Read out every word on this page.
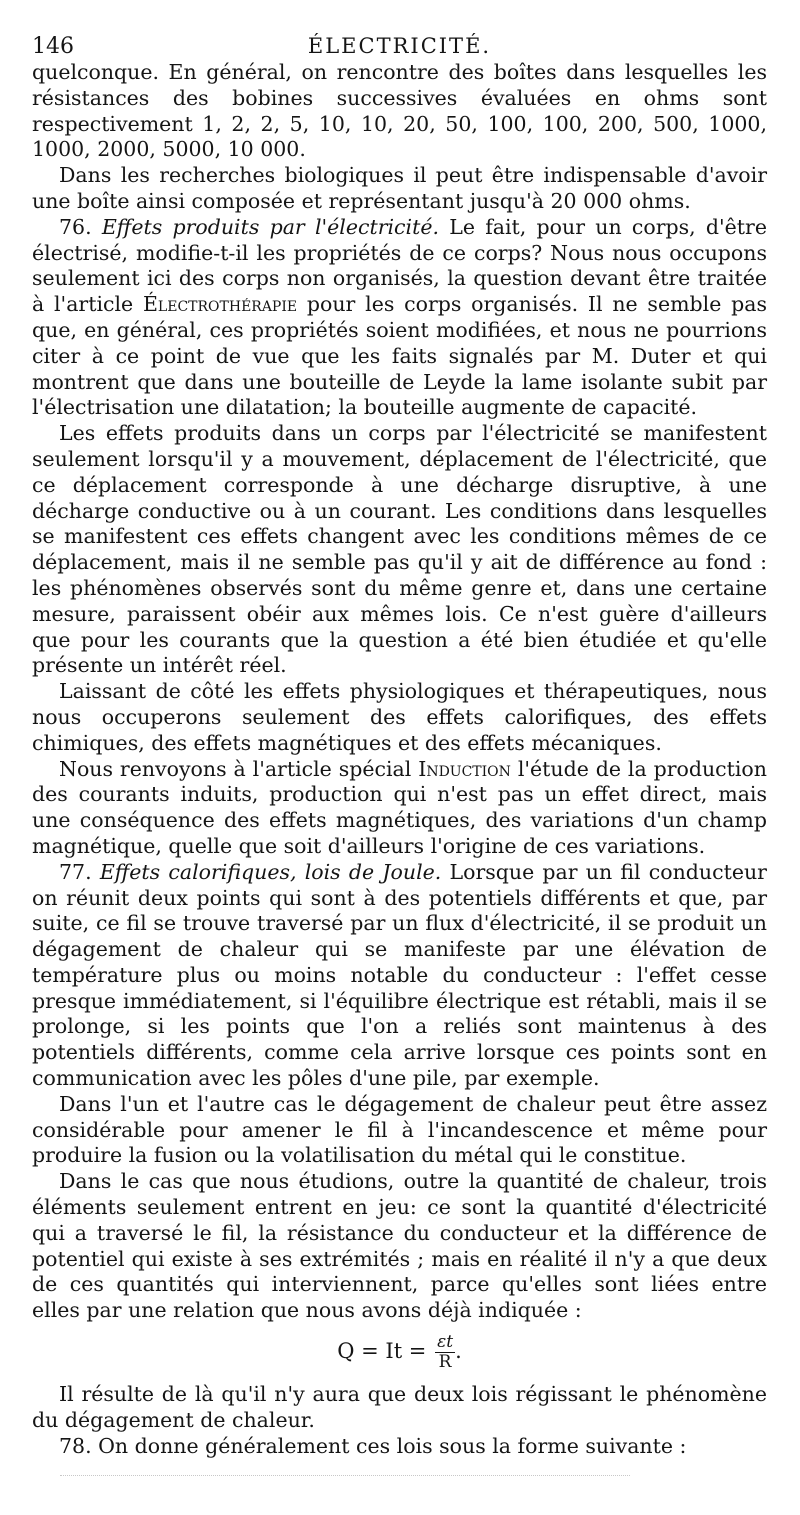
146	ÉLECTRICITÉ.

quelconque. En général, on rencontre des boîtes dans lesquelles les résistances des bobines successives évaluées en ohms sont respectivement 1, 2, 2, 5, 10, 10, 20, 50, 100, 100, 200, 500, 1000, 1000, 2000, 5000, 10 000.

Dans les recherches biologiques il peut être indispensable d'avoir une boîte ainsi composée et représentant jusqu'à 20 000 ohms.

76. Effets produits par l'électricité. Le fait, pour un corps, d'être électrisé, modifie-t-il les propriétés de ce corps? Nous nous occupons seulement ici des corps non organisés, la question devant être traitée à l'article Électrothérapie pour les corps organisés. Il ne semble pas que, en général, ces propriétés soient modifiées, et nous ne pourrions citer à ce point de vue que les faits signalés par M. Duter et qui montrent que dans une bouteille de Leyde la lame isolante subit par l'électrisation une dilatation; la bouteille augmente de capacité.

Les effets produits dans un corps par l'électricité se manifestent seulement lorsqu'il y a mouvement, déplacement de l'électricité, que ce déplacement corresponde à une décharge disruptive, à une décharge conductive ou à un courant. Les conditions dans lesquelles se manifestent ces effets changent avec les conditions mêmes de ce déplacement, mais il ne semble pas qu'il y ait de différence au fond : les phénomènes observés sont du même genre et, dans une certaine mesure, paraissent obéir aux mêmes lois. Ce n'est guère d'ailleurs que pour les courants que la question a été bien étudiée et qu'elle présente un intérêt réel.

Laissant de côté les effets physiologiques et thérapeutiques, nous nous occuperons seulement des effets calorifiques, des effets chimiques, des effets magnétiques et des effets mécaniques.

Nous renvoyons à l'article spécial Induction l'étude de la production des courants induits, production qui n'est pas un effet direct, mais une conséquence des effets magnétiques, des variations d'un champ magnétique, quelle que soit d'ailleurs l'origine de ces variations.

77. Effets calorifiques, lois de Joule. Lorsque par un fil conducteur on réunit deux points qui sont à des potentiels différents et que, par suite, ce fil se trouve traversé par un flux d'électricité, il se produit un dégagement de chaleur qui se manifeste par une élévation de température plus ou moins notable du conducteur : l'effet cesse presque immédiatement, si l'équilibre électrique est rétabli, mais il se prolonge, si les points que l'on a reliés sont maintenus à des potentiels différents, comme cela arrive lorsque ces points sont en communication avec les pôles d'une pile, par exemple.

Dans l'un et l'autre cas le dégagement de chaleur peut être assez considérable pour amener le fil à l'incandescence et même pour produire la fusion ou la volatilisation du métal qui le constitue.

Dans le cas que nous étudions, outre la quantité de chaleur, trois éléments seulement entrent en jeu: ce sont la quantité d'électricité qui a traversé le fil, la résistance du conducteur et la différence de potentiel qui existe à ses extrémités ; mais en réalité il n'y a que deux de ces quantités qui interviennent, parce qu'elles sont liées entre elles par une relation que nous avons déjà indiquée :

$Q = It = \frac{\varepsilon t}{R}$ .

Il résulte de là qu'il n'y aura que deux lois régissant le phénomène du dégagement de chaleur.

78. On donne généralement ces lois sous la forme suivante :
